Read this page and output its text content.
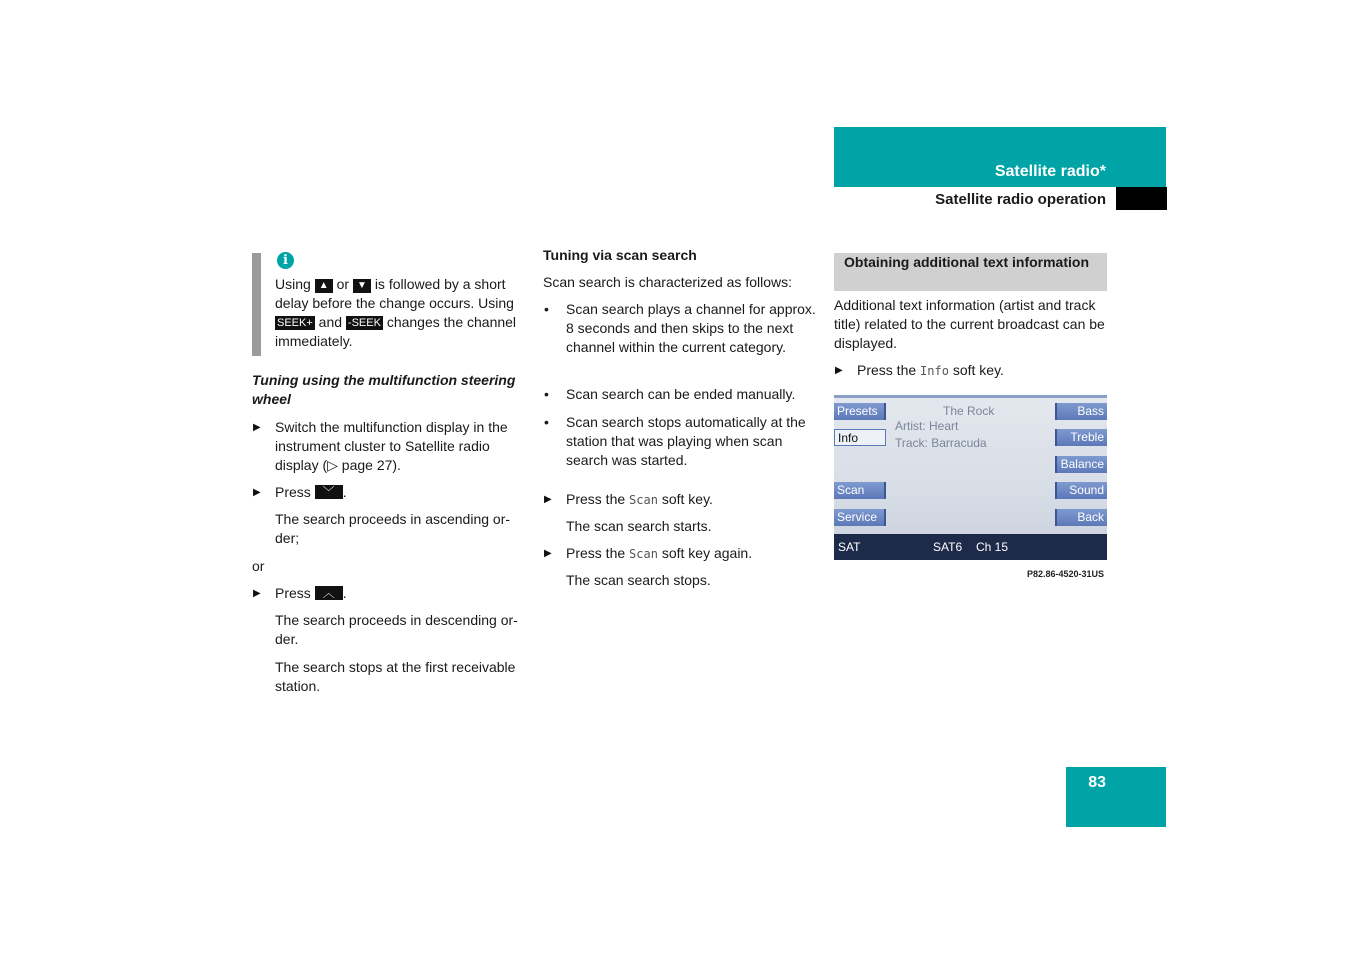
Satellite radio*
Satellite radio operation
i
Using ▲ or ▼ is followed by a short delay before the change occurs. Using SEEK+ and -SEEK changes the channel immediately.
Tuning using the multifunction steering wheel
▶ Switch the multifunction display in the instrument cluster to Satellite radio display (▷ page 27).
▶ Press ﹀ .
The search proceeds in ascending or-der;
or
▶ Press ︿ .
The search proceeds in descending or-der.
The search stops at the first receivable station.
Tuning via scan search
Scan search is characterized as follows:
• Scan search plays a channel for approx. 8 seconds and then skips to the next channel within the current category.
• Scan search can be ended manually.
• Scan search stops automatically at the station that was playing when scan search was started.
▶ Press the Scan soft key.
The scan search starts.
▶ Press the Scan soft key again.
The scan search stops.
Obtaining additional text information
Additional text information (artist and track title) related to the current broadcast can be displayed.
▶ Press the Info soft key.
Presets
Info
Scan
Service
Bass
Treble
Balance
Sound
Back
The Rock
Artist: Heart
Track: Barracuda
SAT	SAT6 Ch 15
P82.86-4520-31US
83
